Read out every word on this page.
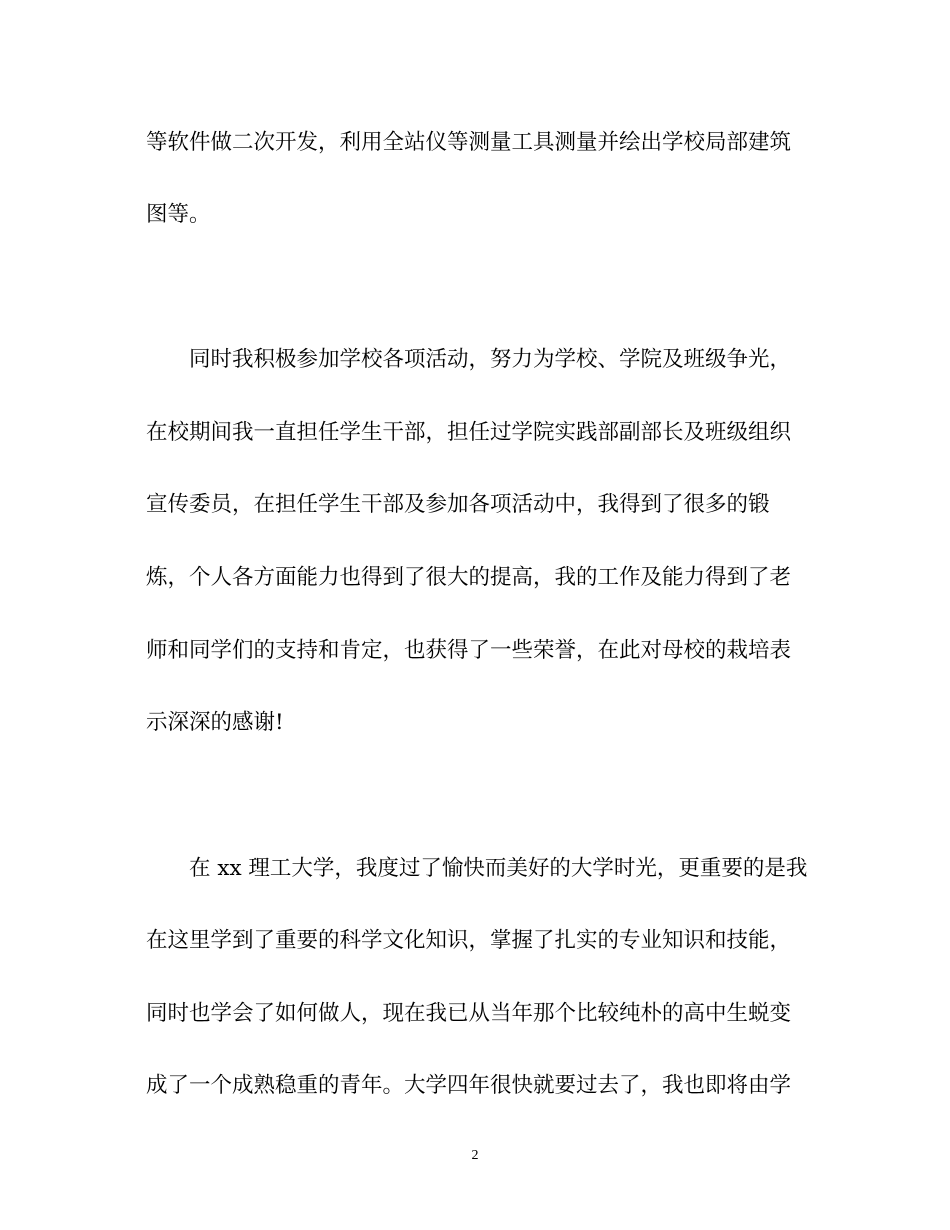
等软件做二次开发，利用全站仪等测量工具测量并绘出学校局部建筑
图等。
　　同时我积极参加学校各项活动，努力为学校、学院及班级争光，
在校期间我一直担任学生干部，担任过学院实践部副部长及班级组织
宣传委员，在担任学生干部及参加各项活动中，我得到了很多的锻
炼，个人各方面能力也得到了很大的提高，我的工作及能力得到了老
师和同学们的支持和肯定，也获得了一些荣誉，在此对母校的栽培表
示深深的感谢!
　　在 xx 理工大学，我度过了愉快而美好的大学时光，更重要的是我
在这里学到了重要的科学文化知识，掌握了扎实的专业知识和技能，
同时也学会了如何做人，现在我已从当年那个比较纯朴的高中生蜕变
成了一个成熟稳重的青年。大学四年很快就要过去了，我也即将由学
2
